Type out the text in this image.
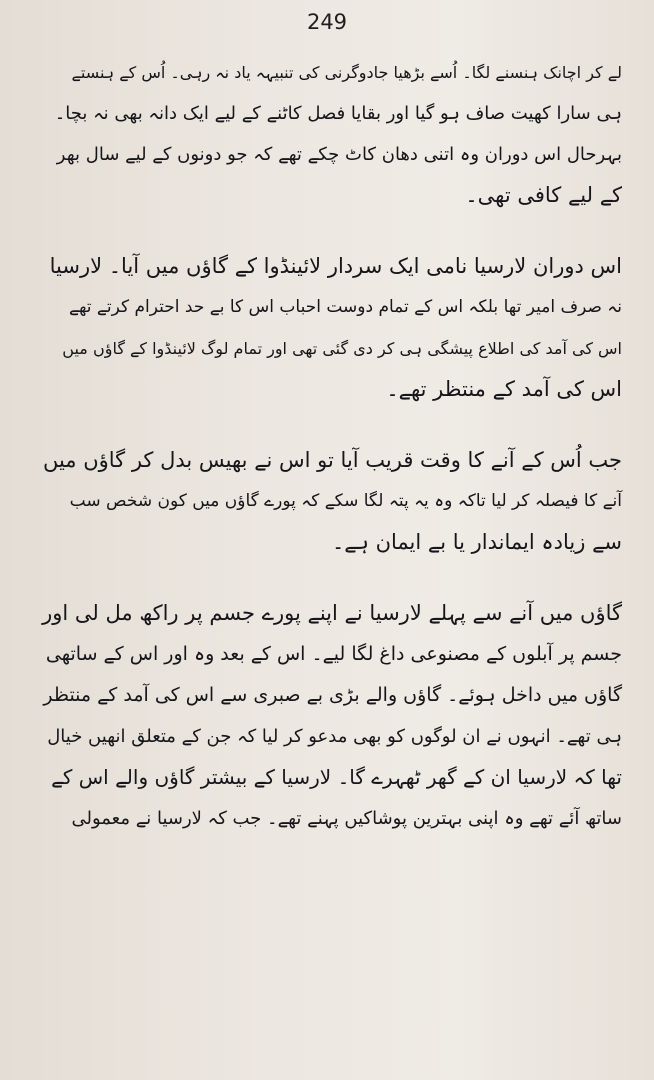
249
لے کر اچانک ہنسنے لگا۔ اُسے بڑھیا جادوگرنی کی تنبیہہ یاد نہ رہی۔ اُس کے ہنستے
ہی سارا کھیت صاف ہو گیا اور بقایا فصل کاٹنے کے لیے ایک دانہ بھی نہ بچا۔
بہرحال اس دوران وہ اتنی دھان کاٹ چکے تھے کہ جو دونوں کے لیے سال بھر
کے لیے کافی تھی۔
اس دوران لارسیا نامی ایک سردار لائینڈوا کے گاؤں میں آیا۔ لارسیا
نہ صرف امیر تھا بلکہ اس کے تمام دوست احباب اس کا بے حد احترام کرتے تھے
اس کی آمد کی اطلاع پیشگی ہی کر دی گئی تھی اور تمام لوگ لائینڈوا کے گاؤں میں
اس کی آمد کے منتظر تھے۔
جب اُس کے آنے کا وقت قریب آیا تو اس نے بھیس بدل کر گاؤں میں
آنے کا فیصلہ کر لیا تاکہ وہ یہ پتہ لگا سکے کہ پورے گاؤں میں کون شخص سب
سے زیادہ ایماندار یا بے ایمان ہے۔
گاؤں میں آنے سے پہلے لارسیا نے اپنے پورے جسم پر راکھ مل لی اور
جسم پر آبلوں کے مصنوعی داغ لگا لیے۔ اس کے بعد وہ اور اس کے ساتھی
گاؤں میں داخل ہوئے۔ گاؤں والے بڑی بے صبری سے اس کی آمد کے منتظر
ہی تھے۔ انہوں نے ان لوگوں کو بھی مدعو کر لیا کہ جن کے متعلق انھیں خیال
تھا کہ لارسیا ان کے گھر ٹھہرے گا۔ لارسیا کے بیشتر گاؤں والے اس کے
ساتھ آئے تھے وہ اپنی بہترین پوشاکیں پہنے تھے۔ جب کہ لارسیا نے معمولی
